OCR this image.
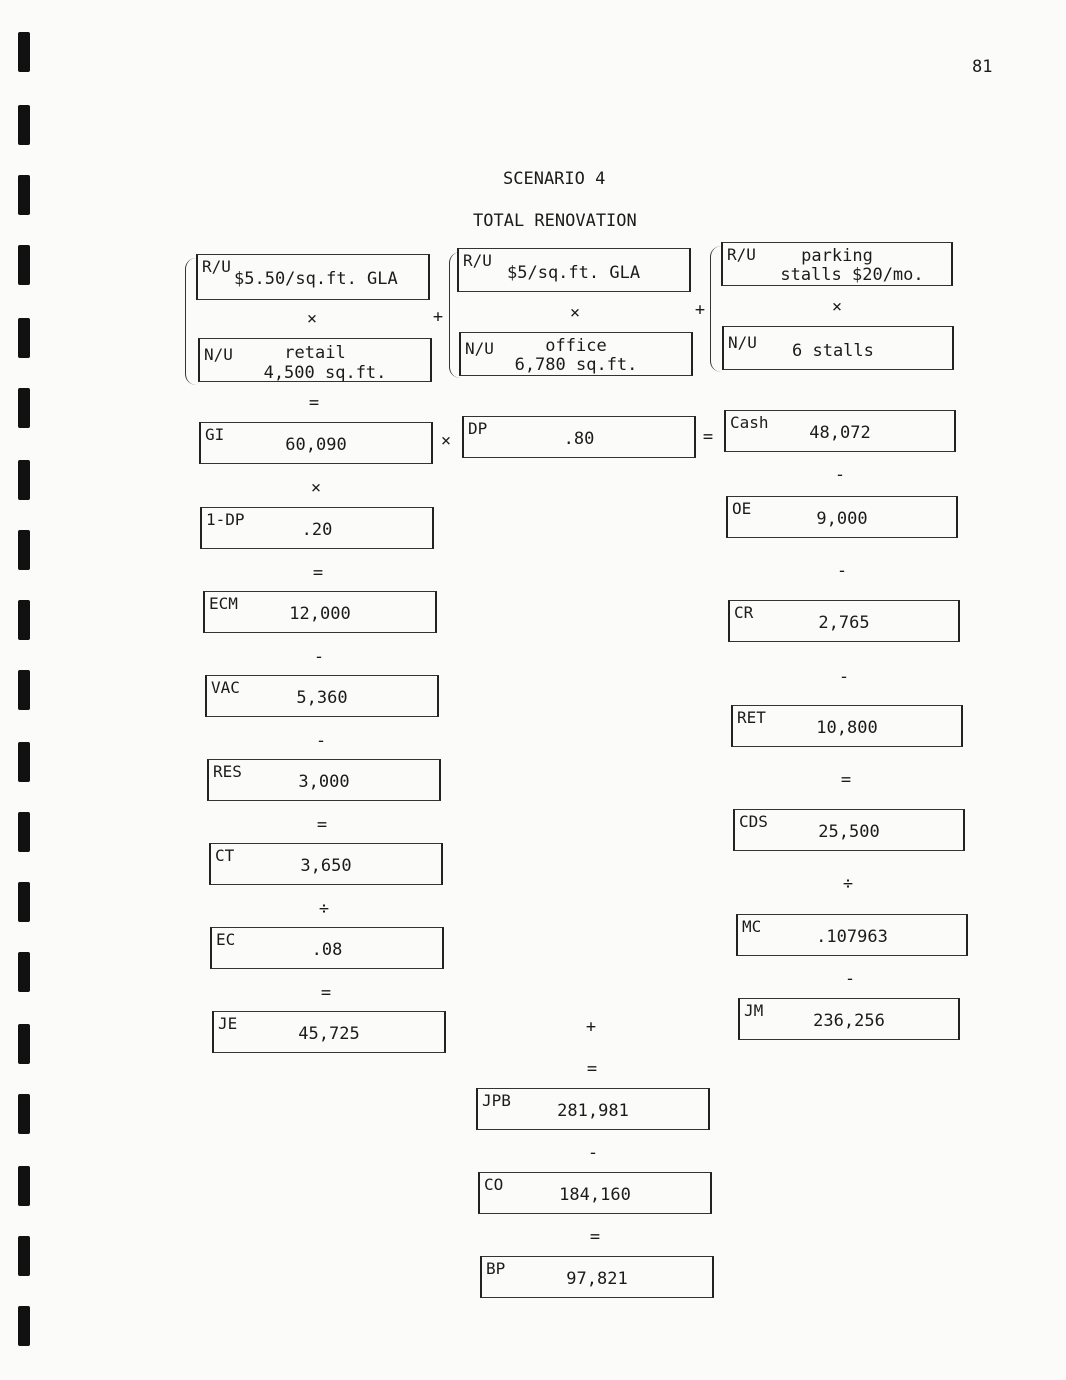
81
SCENARIO 4
TOTAL RENOVATION
R/U
$5.50/sq.ft. GLA
×
N/U	retail
4,500 sq.ft.
+
R/U
$5/sq.ft. GLA
×
N/U	office
6,780 sq.ft.
+
R/U	parking
stalls $20/mo.
×
N/U 6 stalls
=
GI
60,090	×
DP
.80	=
Cash
48,072
×
1-DP
.20
=
ECM
12,000
-
VAC
5,360
-
RES
3,000
=
CT
3,650
÷
EC
.08
=
JE
45,725
-
OE
9,000
-
CR
2,765
-
RET
10,800
=
CDS
25,500
÷
MC
.107963
-
JM
236,256
+
=
JPB
281,981
-
CO
184,160
=
BP
97,821
